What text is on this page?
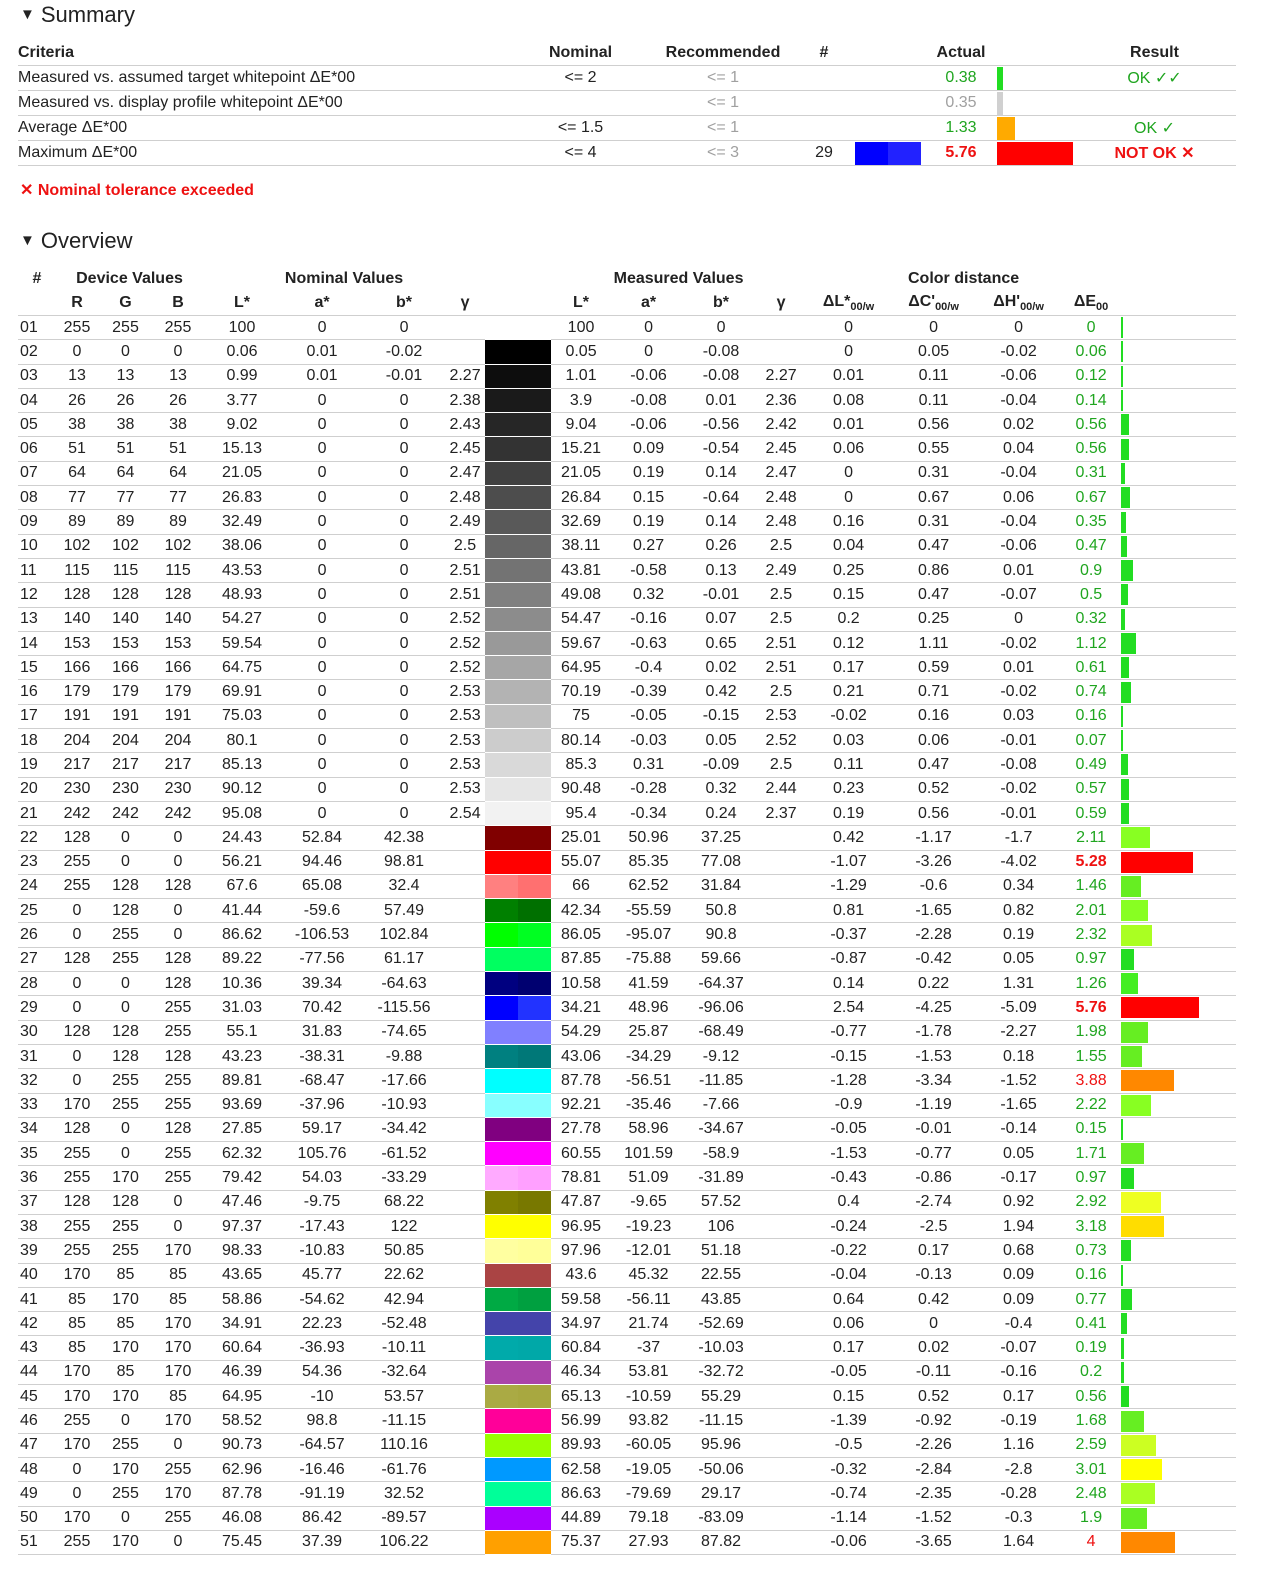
▼ Summary
Criteria	Nominal	Recommended	#		Actual		Result
Measured vs. assumed target whitepoint ΔE*00	<= 2	<= 1			0.38		OK ✓✓
Measured vs. display profile whitepoint ΔE*00		<= 1			0.35		
Average ΔE*00	<= 1.5	<= 1			1.33		OK ✓
Maximum ΔE*00	<= 4	<= 3	29		5.76		NOT OK ✕
✕ Nominal tolerance exceeded
▼ Overview
#	Device Values			Nominal Values					Measured Values				Color distance				
	R	G	B	L*	a*	b*	γ		L*	a*	b*	γ	$\Delta L*_{00/w}$	$\Delta C'_{00/w}$	$\Delta H'_{00/w}$	$\Delta E_{00}$	
01	255	255	255	100	0	0			100	0	0		0	0	0	0	
02	0	0	0	0.06	0.01	-0.02			0.05	0	-0.08		0	0.05	-0.02	0.06	
03	13	13	13	0.99	0.01	-0.01	2.27		1.01	-0.06	-0.08	2.27	0.01	0.11	-0.06	0.12	
04	26	26	26	3.77	0	0	2.38		3.9	-0.08	0.01	2.36	0.08	0.11	-0.04	0.14	
05	38	38	38	9.02	0	0	2.43		9.04	-0.06	-0.56	2.42	0.01	0.56	0.02	0.56	
06	51	51	51	15.13	0	0	2.45		15.21	0.09	-0.54	2.45	0.06	0.55	0.04	0.56	
07	64	64	64	21.05	0	0	2.47		21.05	0.19	0.14	2.47	0	0.31	-0.04	0.31	
08	77	77	77	26.83	0	0	2.48		26.84	0.15	-0.64	2.48	0	0.67	0.06	0.67	
09	89	89	89	32.49	0	0	2.49		32.69	0.19	0.14	2.48	0.16	0.31	-0.04	0.35	
10	102	102	102	38.06	0	0	2.5		38.11	0.27	0.26	2.5	0.04	0.47	-0.06	0.47	
11	115	115	115	43.53	0	0	2.51		43.81	-0.58	0.13	2.49	0.25	0.86	0.01	0.9	
12	128	128	128	48.93	0	0	2.51		49.08	0.32	-0.01	2.5	0.15	0.47	-0.07	0.5	
13	140	140	140	54.27	0	0	2.52		54.47	-0.16	0.07	2.5	0.2	0.25	0	0.32	
14	153	153	153	59.54	0	0	2.52		59.67	-0.63	0.65	2.51	0.12	1.11	-0.02	1.12	
15	166	166	166	64.75	0	0	2.52		64.95	-0.4	0.02	2.51	0.17	0.59	0.01	0.61	
16	179	179	179	69.91	0	0	2.53		70.19	-0.39	0.42	2.5	0.21	0.71	-0.02	0.74	
17	191	191	191	75.03	0	0	2.53		75	-0.05	-0.15	2.53	-0.02	0.16	0.03	0.16	
18	204	204	204	80.1	0	0	2.53		80.14	-0.03	0.05	2.52	0.03	0.06	-0.01	0.07	
19	217	217	217	85.13	0	0	2.53		85.3	0.31	-0.09	2.5	0.11	0.47	-0.08	0.49	
20	230	230	230	90.12	0	0	2.53		90.48	-0.28	0.32	2.44	0.23	0.52	-0.02	0.57	
21	242	242	242	95.08	0	0	2.54		95.4	-0.34	0.24	2.37	0.19	0.56	-0.01	0.59	
22	128	0	0	24.43	52.84	42.38			25.01	50.96	37.25		0.42	-1.17	-1.7	2.11	
23	255	0	0	56.21	94.46	98.81			55.07	85.35	77.08		-1.07	-3.26	-4.02	5.28	
24	255	128	128	67.6	65.08	32.4			66	62.52	31.84		-1.29	-0.6	0.34	1.46	
25	0	128	0	41.44	-59.6	57.49			42.34	-55.59	50.8		0.81	-1.65	0.82	2.01	
26	0	255	0	86.62	-106.53	102.84			86.05	-95.07	90.8		-0.37	-2.28	0.19	2.32	
27	128	255	128	89.22	-77.56	61.17			87.85	-75.88	59.66		-0.87	-0.42	0.05	0.97	
28	0	0	128	10.36	39.34	-64.63			10.58	41.59	-64.37		0.14	0.22	1.31	1.26	
29	0	0	255	31.03	70.42	-115.56			34.21	48.96	-96.06		2.54	-4.25	-5.09	5.76	
30	128	128	255	55.1	31.83	-74.65			54.29	25.87	-68.49		-0.77	-1.78	-2.27	1.98	
31	0	128	128	43.23	-38.31	-9.88			43.06	-34.29	-9.12		-0.15	-1.53	0.18	1.55	
32	0	255	255	89.81	-68.47	-17.66			87.78	-56.51	-11.85		-1.28	-3.34	-1.52	3.88	
33	170	255	255	93.69	-37.96	-10.93			92.21	-35.46	-7.66		-0.9	-1.19	-1.65	2.22	
34	128	0	128	27.85	59.17	-34.42			27.78	58.96	-34.67		-0.05	-0.01	-0.14	0.15	
35	255	0	255	62.32	105.76	-61.52			60.55	101.59	-58.9		-1.53	-0.77	0.05	1.71	
36	255	170	255	79.42	54.03	-33.29			78.81	51.09	-31.89		-0.43	-0.86	-0.17	0.97	
37	128	128	0	47.46	-9.75	68.22			47.87	-9.65	57.52		0.4	-2.74	0.92	2.92	
38	255	255	0	97.37	-17.43	122			96.95	-19.23	106		-0.24	-2.5	1.94	3.18	
39	255	255	170	98.33	-10.83	50.85			97.96	-12.01	51.18		-0.22	0.17	0.68	0.73	
40	170	85	85	43.65	45.77	22.62			43.6	45.32	22.55		-0.04	-0.13	0.09	0.16	
41	85	170	85	58.86	-54.62	42.94			59.58	-56.11	43.85		0.64	0.42	0.09	0.77	
42	85	85	170	34.91	22.23	-52.48			34.97	21.74	-52.69		0.06	0	-0.4	0.41	
43	85	170	170	60.64	-36.93	-10.11			60.84	-37	-10.03		0.17	0.02	-0.07	0.19	
44	170	85	170	46.39	54.36	-32.64			46.34	53.81	-32.72		-0.05	-0.11	-0.16	0.2	
45	170	170	85	64.95	-10	53.57			65.13	-10.59	55.29		0.15	0.52	0.17	0.56	
46	255	0	170	58.52	98.8	-11.15			56.99	93.82	-11.15		-1.39	-0.92	-0.19	1.68	
47	170	255	0	90.73	-64.57	110.16			89.93	-60.05	95.96		-0.5	-2.26	1.16	2.59	
48	0	170	255	62.96	-16.46	-61.76			62.58	-19.05	-50.06		-0.32	-2.84	-2.8	3.01	
49	0	255	170	87.78	-91.19	32.52			86.63	-79.69	29.17		-0.74	-2.35	-0.28	2.48	
50	170	0	255	46.08	86.42	-89.57			44.89	79.18	-83.09		-1.14	-1.52	-0.3	1.9	
51	255	170	0	75.45	37.39	106.22			75.37	27.93	87.82		-0.06	-3.65	1.64	4	
